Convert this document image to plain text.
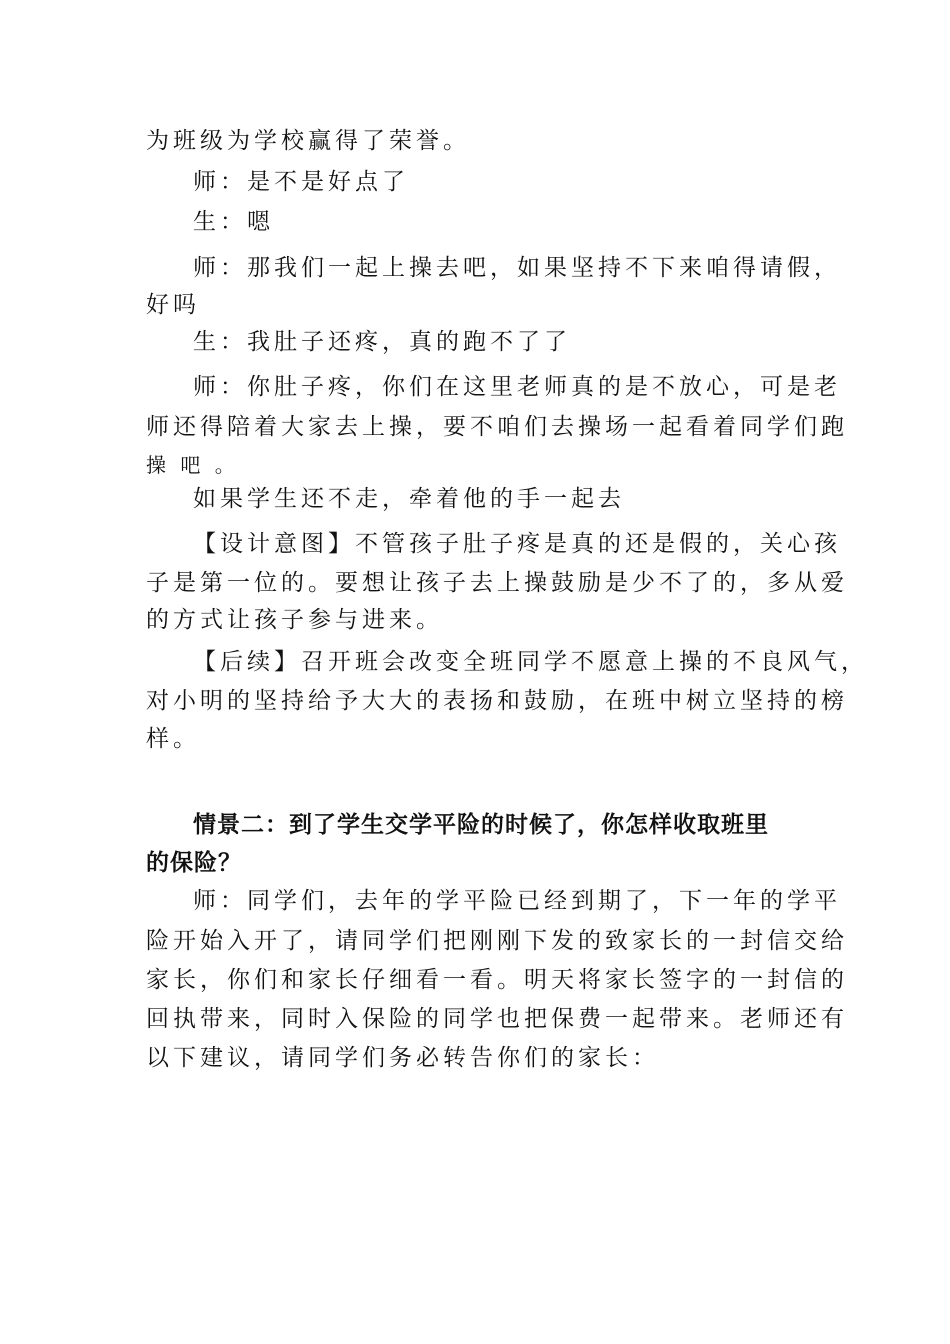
为班级为学校赢得了荣誉。
师：是不是好点了
生：嗯
师：那我们一起上操去吧，如果坚持不下来咱得请假，
好吗
生：我肚子还疼，真的跑不了了
师：你肚子疼，你们在这里老师真的是不放心，可是老
师还得陪着大家去上操，要不咱们去操场一起看着同学们跑
操 吧 。
如果学生还不走，牵着他的手一起去
【设计意图】不管孩子肚子疼是真的还是假的，关心孩
子是第一位的。要想让孩子去上操鼓励是少不了的，多从爱
的方式让孩子参与进来。
【后续】召开班会改变全班同学不愿意上操的不良风气，
对小明的坚持给予大大的表扬和鼓励，在班中树立坚持的榜
样。
情景二：到了学生交学平险的时候了，你怎样收取班里
的保险？
师：同学们，去年的学平险已经到期了，下一年的学平
险开始入开了，请同学们把刚刚下发的致家长的一封信交给
家长，你们和家长仔细看一看。明天将家长签字的一封信的
回执带来，同时入保险的同学也把保费一起带来。老师还有
以下建议，请同学们务必转告你们的家长：
